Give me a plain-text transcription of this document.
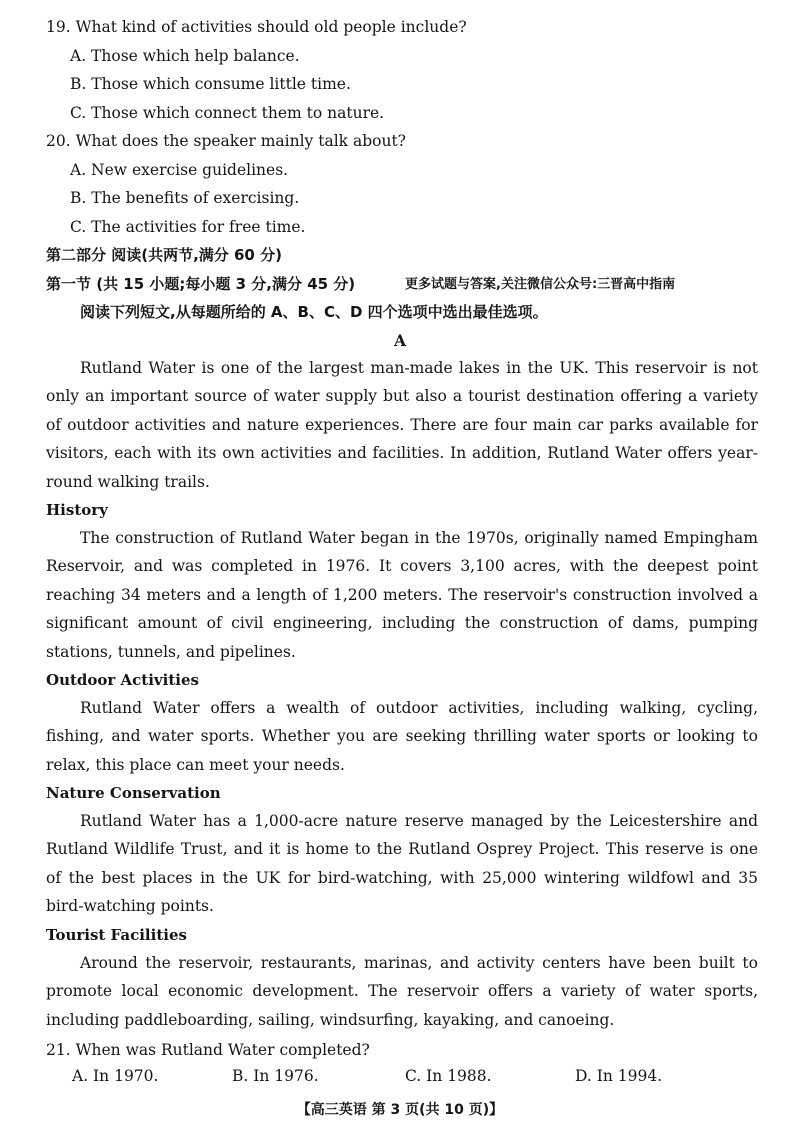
19. What kind of activities should old people include?
A. Those which help balance.
B. Those which consume little time.
C. Those which connect them to nature.
20. What does the speaker mainly talk about?
A. New exercise guidelines.
B. The benefits of exercising.
C. The activities for free time.
第二部分 阅读(共两节,满分 60 分)
第一节 (共 15 小题;每小题 3 分,满分 45 分)	更多试题与答案,关注微信公众号:三晋高中指南
阅读下列短文,从每题所给的 A、B、C、D 四个选项中选出最佳选项。
A
Rutland Water is one of the largest man-made lakes in the UK. This reservoir is not only an important source of water supply but also a tourist destination offering a variety of outdoor activities and nature experiences. There are four main car parks available for visitors, each with its own activities and facilities. In addition, Rutland Water offers year-round walking trails.
History
The construction of Rutland Water began in the 1970s, originally named Empingham Reservoir, and was completed in 1976. It covers 3,100 acres, with the deepest point reaching 34 meters and a length of 1,200 meters. The reservoir's construction involved a significant amount of civil engineering, including the construction of dams, pumping stations, tunnels, and pipelines.
Outdoor Activities
Rutland Water offers a wealth of outdoor activities, including walking, cycling, fishing, and water sports. Whether you are seeking thrilling water sports or looking to relax, this place can meet your needs.
Nature Conservation
Rutland Water has a 1,000-acre nature reserve managed by the Leicestershire and Rutland Wildlife Trust, and it is home to the Rutland Osprey Project. This reserve is one of the best places in the UK for bird-watching, with 25,000 wintering wildfowl and 35 bird-watching points.
Tourist Facilities
Around the reservoir, restaurants, marinas, and activity centers have been built to promote local economic development. The reservoir offers a variety of water sports, including paddleboarding, sailing, windsurfing, kayaking, and canoeing.
21. When was Rutland Water completed?
A. In 1970.	B. In 1976.	C. In 1988.	D. In 1994.
【高三英语 第 3 页(共 10 页)】
